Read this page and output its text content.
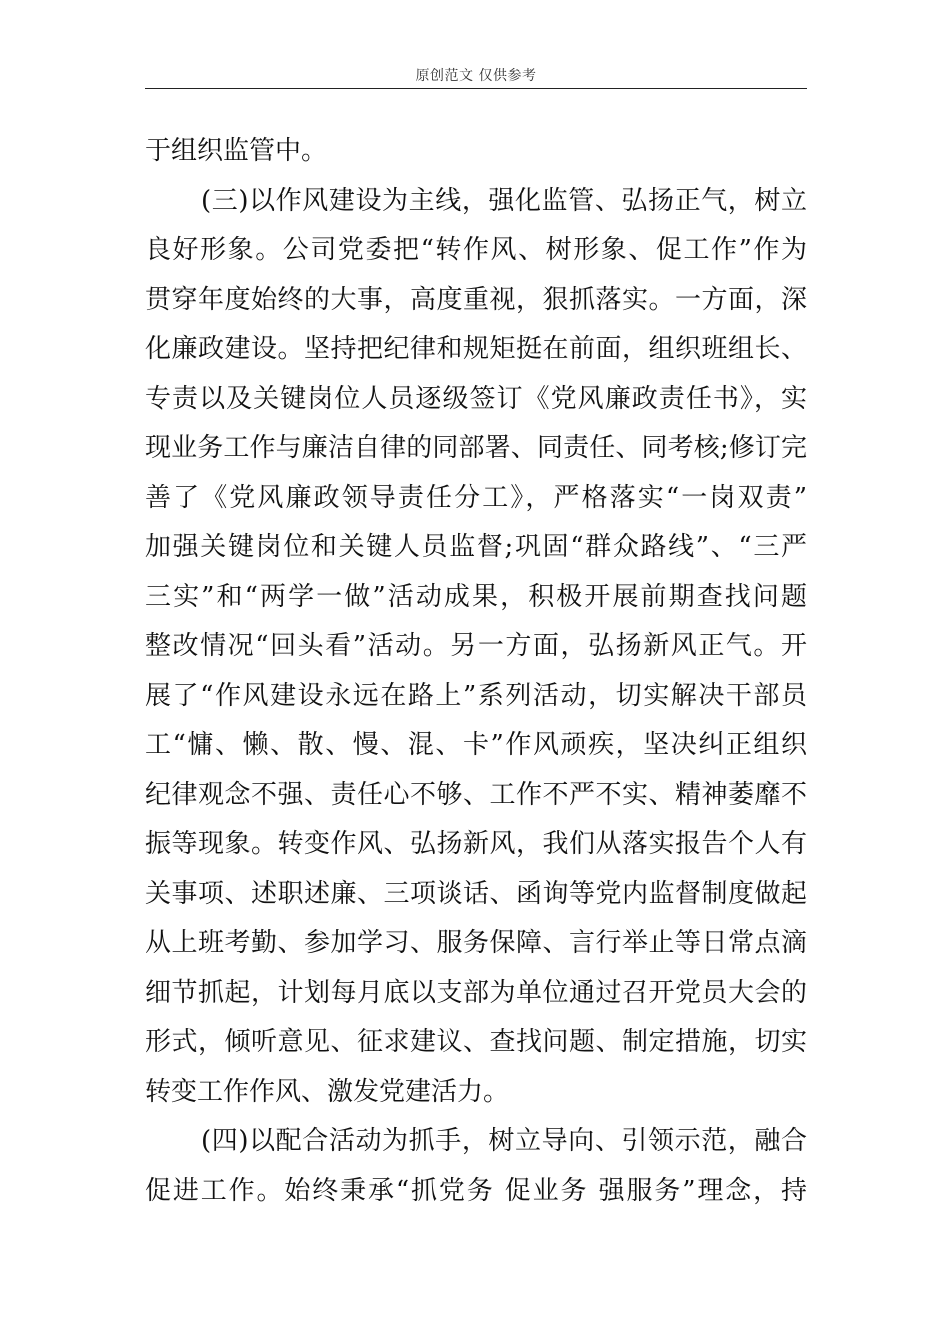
原创范文 仅供参考
于组织监管中。
(三)以作风建设为主线，强化监管、弘扬正气，树立
良好形象。公司党委把“转作风、树形象、促工作”作为
贯穿年度始终的大事，高度重视，狠抓落实。一方面，深
化廉政建设。坚持把纪律和规矩挺在前面，组织班组长、
专责以及关键岗位人员逐级签订《党风廉政责任书》，实
现业务工作与廉洁自律的同部署、同责任、同考核;修订完
善了《党风廉政领导责任分工》，严格落实“一岗双责”
加强关键岗位和关键人员监督;巩固“群众路线”、“三严
三实”和“两学一做”活动成果，积极开展前期查找问题
整改情况“回头看”活动。另一方面，弘扬新风正气。开
展了“作风建设永远在路上”系列活动，切实解决干部员
工“慵、懒、散、慢、混、卡”作风顽疾，坚决纠正组织
纪律观念不强、责任心不够、工作不严不实、精神萎靡不
振等现象。转变作风、弘扬新风，我们从落实报告个人有
关事项、述职述廉、三项谈话、函询等党内监督制度做起
从上班考勤、参加学习、服务保障、言行举止等日常点滴
细节抓起，计划每月底以支部为单位通过召开党员大会的
形式，倾听意见、征求建议、查找问题、制定措施，切实
转变工作作风、激发党建活力。
(四)以配合活动为抓手，树立导向、引领示范，融合
促进工作。始终秉承“抓党务 促业务 强服务”理念，持
